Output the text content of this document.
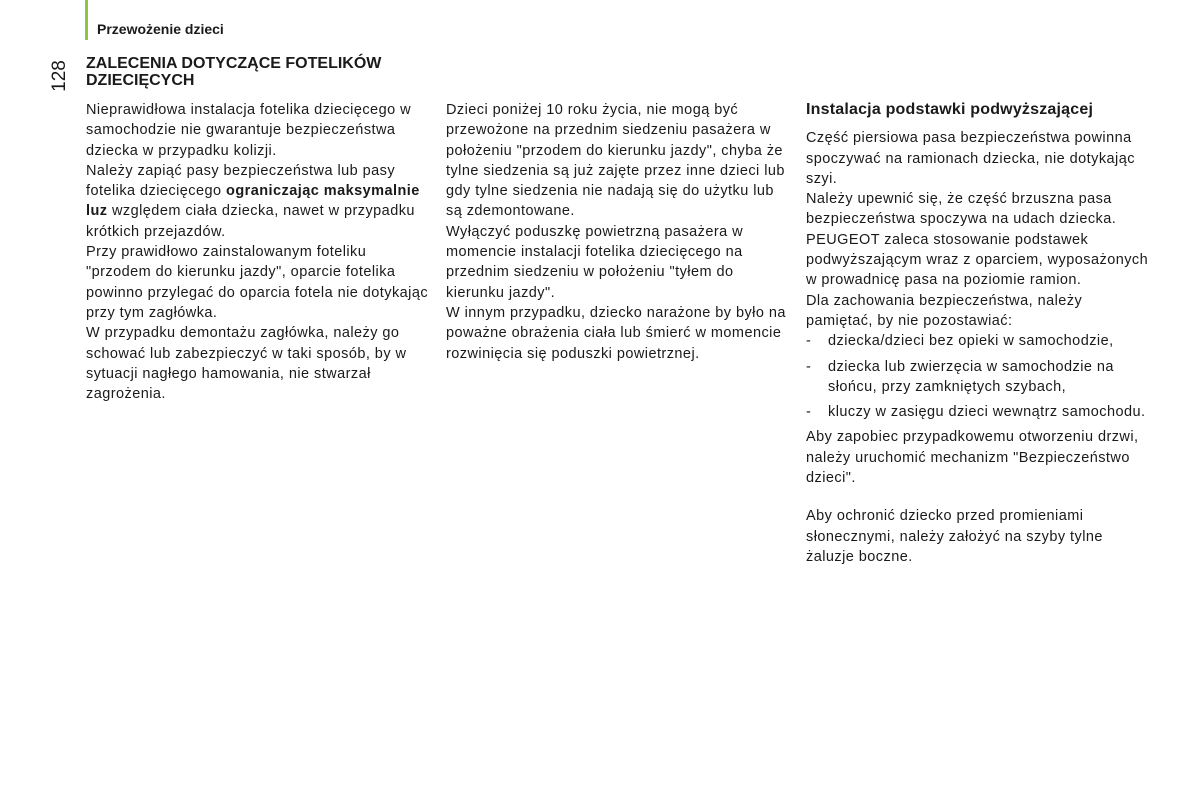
Przewożenie dzieci
128 ZALECENIA DOTYCZĄCE FOTELIKÓW
DZIECIĘCYCH

Nieprawidłowa instalacja fotelika dziecięcego w samochodzie nie gwarantuje bezpieczeństwa dziecka w przypadku kolizji.

Należy zapiąć pasy bezpieczeństwa lub pasy fotelika dziecięcego ograniczając maksymalnie luz względem ciała dziecka, nawet w przypadku krótkich przejazdów.

Przy prawidłowo zainstalowanym foteliku "przodem do kierunku jazdy", oparcie fotelika powinno przylegać do oparcia fotela nie dotykając przy tym zagłówka.

W przypadku demontażu zagłówka, należy go schować lub zabezpieczyć w taki sposób, by w sytuacji nagłego hamowania, nie stwarzał zagrożenia.

Dzieci poniżej 10 roku życia, nie mogą być przewożone na przednim siedzeniu pasażera w położeniu "przodem do kierunku jazdy", chyba że tylne siedzenia są już zajęte przez inne dzieci lub gdy tylne siedzenia nie nadają się do użytku lub są zdemontowane.

Wyłączyć poduszkę powietrzną pasażera w momencie instalacji fotelika dziecięcego na przednim siedzeniu w położeniu "tyłem do kierunku jazdy".

W innym przypadku, dziecko narażone by było na poważne obrażenia ciała lub śmierć w momencie rozwinięcia się poduszki powietrznej.

Instalacja podstawki podwyższającej

Część piersiowa pasa bezpieczeństwa powinna spoczywać na ramionach dziecka, nie dotykając szyi.

Należy upewnić się, że część brzuszna pasa bezpieczeństwa spoczywa na udach dziecka.

PEUGEOT zaleca stosowanie podstawek podwyższającym wraz z oparciem, wyposażonych w prowadnicę pasa na poziomie ramion.

Dla zachowania bezpieczeństwa, należy pamiętać, by nie pozostawiać:

- dziecka/dzieci bez opieki w samochodzie,
- dziecka lub zwierzęcia w samochodzie na słońcu, przy zamkniętych szybach,
- kluczy w zasięgu dzieci wewnątrz samochodu.

Aby zapobiec przypadkowemu otworzeniu drzwi, należy uruchomić mechanizm "Bezpieczeństwo dzieci".

Aby ochronić dziecko przed promieniami słonecznymi, należy założyć na szyby tylne żaluzje boczne.
